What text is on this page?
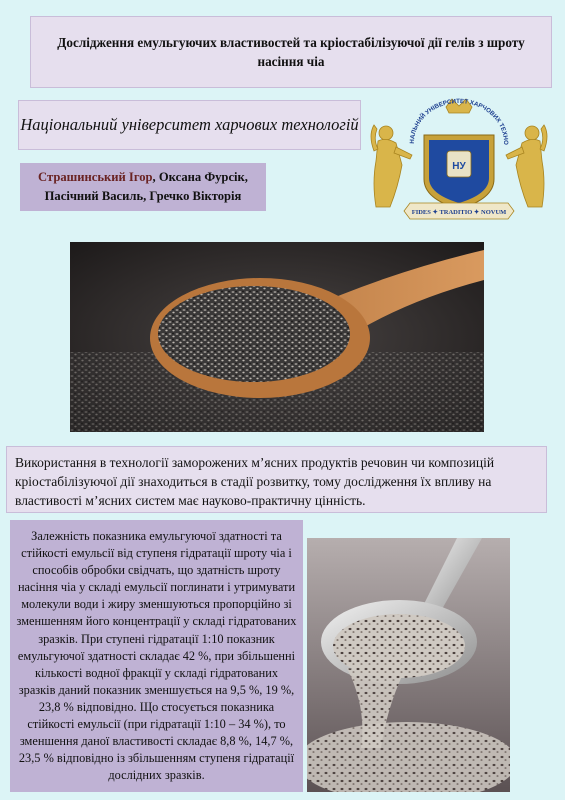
Дослідження емульгуючих властивостей та кріостабілізуючої дії гелів з шроту насіння чіа
Національний університет харчових технологій
Страшинський Ігор, Оксана Фурсік,
Пасічний Василь, Гречко Вікторія
НАЛЬНИЙ УНІВЕРСИТЕТ ХАРЧОВИХ ТЕХНО
НУ
FIDES ✦ TRADITIO ✦ NOVUM
Використання в технології заморожених м’ясних продуктів речовин чи композицій кріостабілізуючої дії знаходиться в стадії розвитку, тому дослідження їх впливу на властивості м’ясних систем має науково-практичну цінність.
Залежність показника емульгуючої здатності та стійкості емульсії від ступеня гідратації шроту чіа і способів обробки свідчать, що здатність шроту насіння чіа у складі емульсії поглинати і утримувати молекули води і жиру зменшуються пропорційно зі зменшенням його концентрації у складі гідратованих зразків. При ступені гідратації 1:10 показник емульгуючої здатності складає 42 %, при збільшенні кількості водної фракції у складі гідратованих зразків даний показник зменшується на 9,5 %, 19 %, 23,8 % відповідно. Що стосується показника стійкості емульсії (при гідратації 1:10 – 34 %), то зменшення даної властивості складає 8,8 %, 14,7 %, 23,5 % відповідно із збільшенням ступеня гідратації дослідних зразків.
